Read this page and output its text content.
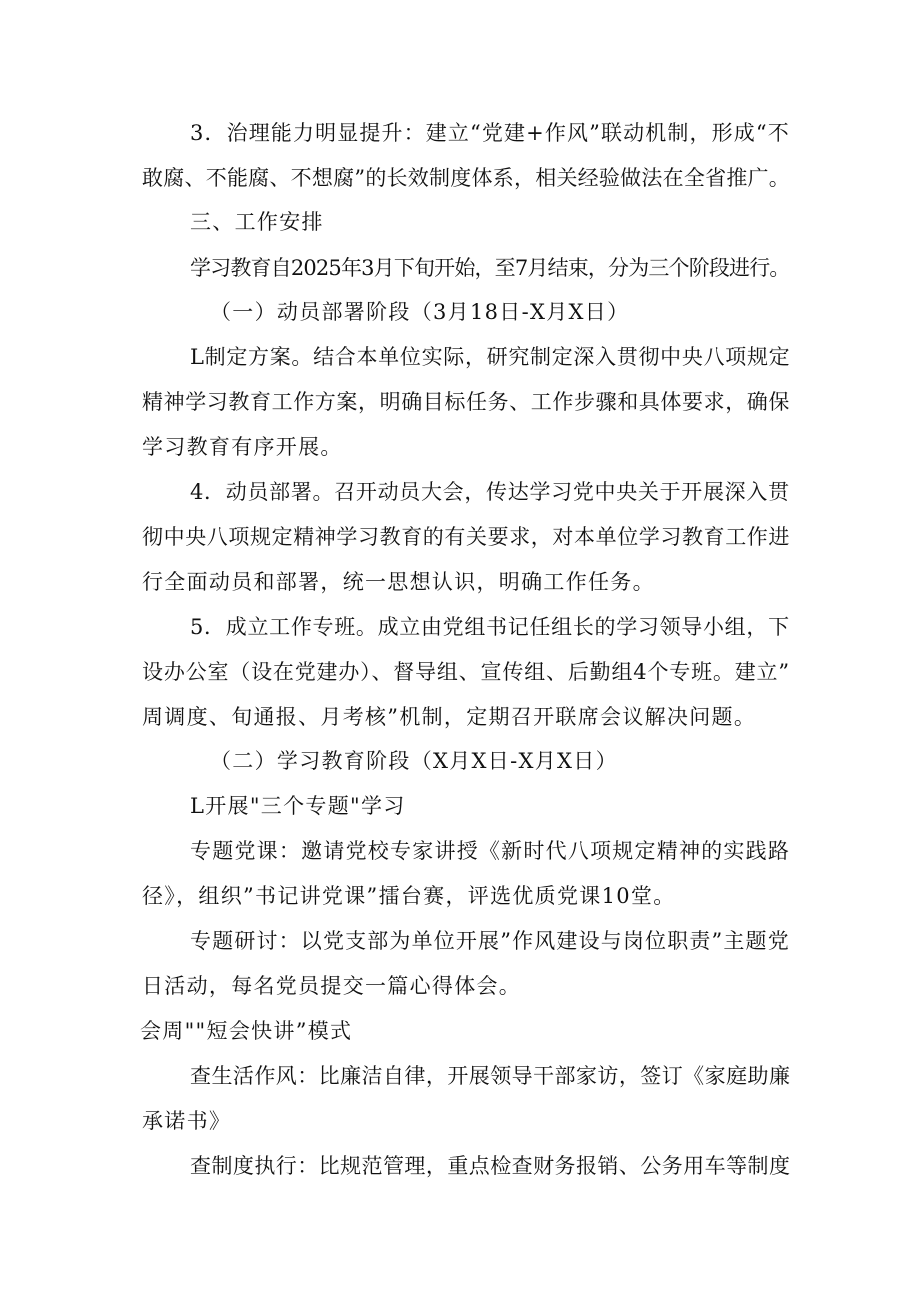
3．治理能力明显提升：建立“党建+作风”联动机制，形成“不
敢腐、不能腐、不想腐”的长效制度体系，相关经验做法在全省推广。
三、工作安排
学习教育自2025年3月下旬开始，至7月结束，分为三个阶段进行。
（一）动员部署阶段（3月18日-X月X日）
L制定方案。结合本单位实际，研究制定深入贯彻中央八项规定
精神学习教育工作方案，明确目标任务、工作步骤和具体要求，确保
学习教育有序开展。
4．动员部署。召开动员大会，传达学习党中央关于开展深入贯
彻中央八项规定精神学习教育的有关要求，对本单位学习教育工作进
行全面动员和部署，统一思想认识，明确工作任务。
5．成立工作专班。成立由党组书记任组长的学习领导小组，下
设办公室（设在党建办）、督导组、宣传组、后勤组4个专班。建立”
周调度、旬通报、月考核”机制，定期召开联席会议解决问题。
（二）学习教育阶段（X月X日-X月X日）
L开展"三个专题"学习
专题党课：邀请党校专家讲授《新时代八项规定精神的实践路
径》，组织”书记讲党课”擂台赛，评选优质党课10堂。
专题研讨：以党支部为单位开展”作风建设与岗位职责”主题党
日活动，每名党员提交一篇心得体会。
会周""短会快讲”模式
查生活作风：比廉洁自律，开展领导干部家访，签订《家庭助廉
承诺书》
查制度执行：比规范管理，重点检查财务报销、公务用车等制度
